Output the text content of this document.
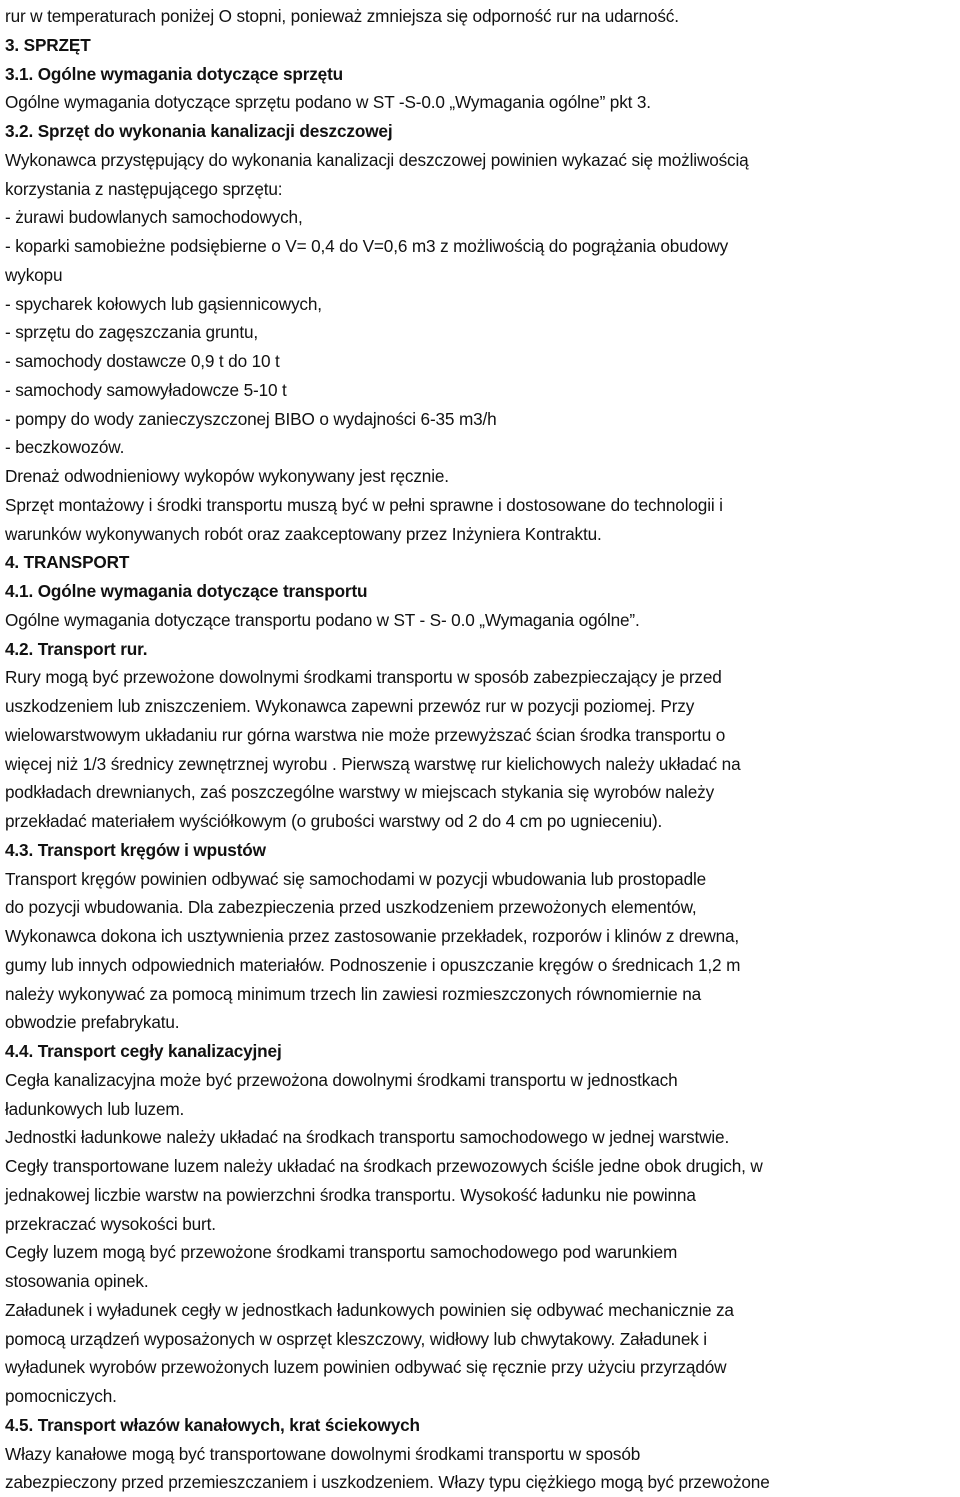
rur w temperaturach poniżej O stopni, ponieważ zmniejsza się odporność rur na udarność.
3. SPRZĘT
3.1. Ogólne wymagania dotyczące sprzętu
Ogólne wymagania dotyczące sprzętu podano w ST -S-0.0 „Wymagania ogólne” pkt 3.
3.2. Sprzęt do wykonania kanalizacji deszczowej
Wykonawca przystępujący do wykonania kanalizacji deszczowej powinien wykazać się możliwością
korzystania z następującego sprzętu:
- żurawi budowlanych samochodowych,
- koparki samobieżne podsiębierne o V= 0,4 do V=0,6 m3 z możliwością do pogrążania obudowy
wykopu
- spycharek kołowych lub gąsiennicowych,
- sprzętu do zagęszczania gruntu,
- samochody dostawcze 0,9 t do 10 t
- samochody samowyładowcze 5-10 t
- pompy do wody zanieczyszczonej BIBO o wydajności 6-35 m3/h
- beczkowozów.
Drenaż odwodnieniowy wykopów wykonywany jest ręcznie.
Sprzęt montażowy i środki transportu muszą być w pełni sprawne i dostosowane do technologii i
warunków wykonywanych robót oraz zaakceptowany przez Inżyniera Kontraktu.
4. TRANSPORT
4.1. Ogólne wymagania dotyczące transportu
Ogólne wymagania dotyczące transportu podano w ST - S- 0.0 „Wymagania ogólne”.
4.2. Transport rur.
Rury mogą być przewożone dowolnymi środkami transportu w sposób zabezpieczający je przed
uszkodzeniem lub zniszczeniem. Wykonawca zapewni przewóz rur w pozycji poziomej. Przy
wielowarstwowym układaniu rur górna warstwa nie może przewyższać ścian środka transportu o
więcej niż 1/3 średnicy zewnętrznej wyrobu . Pierwszą warstwę rur kielichowych należy układać na
podkładach drewnianych, zaś poszczególne warstwy w miejscach stykania się wyrobów należy
przekładać materiałem wyściółkowym (o grubości warstwy od 2 do 4 cm po ugnieceniu).
4.3. Transport kręgów i wpustów
Transport kręgów powinien odbywać się samochodami w pozycji wbudowania lub prostopadle
do pozycji wbudowania. Dla zabezpieczenia przed uszkodzeniem przewożonych elementów,
Wykonawca dokona ich usztywnienia przez zastosowanie przekładek, rozporów i klinów z drewna,
gumy lub innych odpowiednich materiałów. Podnoszenie i opuszczanie kręgów o średnicach 1,2 m
należy wykonywać za pomocą minimum trzech lin zawiesi rozmieszczonych równomiernie na
obwodzie prefabrykatu.
4.4. Transport cegły kanalizacyjnej
Cegła kanalizacyjna może być przewożona dowolnymi środkami transportu w jednostkach
ładunkowych lub luzem.
Jednostki ładunkowe należy układać na środkach transportu samochodowego w jednej warstwie.
Cegły transportowane luzem należy układać na środkach przewozowych ściśle jedne obok drugich, w
jednakowej liczbie warstw na powierzchni środka transportu. Wysokość ładunku nie powinna
przekraczać wysokości burt.
Cegły luzem mogą być przewożone środkami transportu samochodowego pod warunkiem
stosowania opinek.
Załadunek i wyładunek cegły w jednostkach ładunkowych powinien się odbywać mechanicznie za
pomocą urządzeń wyposażonych w osprzęt kleszczowy, widłowy lub chwytakowy. Załadunek i
wyładunek wyrobów przewożonych luzem powinien odbywać się ręcznie przy użyciu przyrządów
pomocniczych.
4.5. Transport włazów kanałowych, krat ściekowych
Włazy kanałowe mogą być transportowane dowolnymi środkami transportu w sposób
zabezpieczony przed przemieszczaniem i uszkodzeniem. Włazy typu ciężkiego mogą być przewożone
